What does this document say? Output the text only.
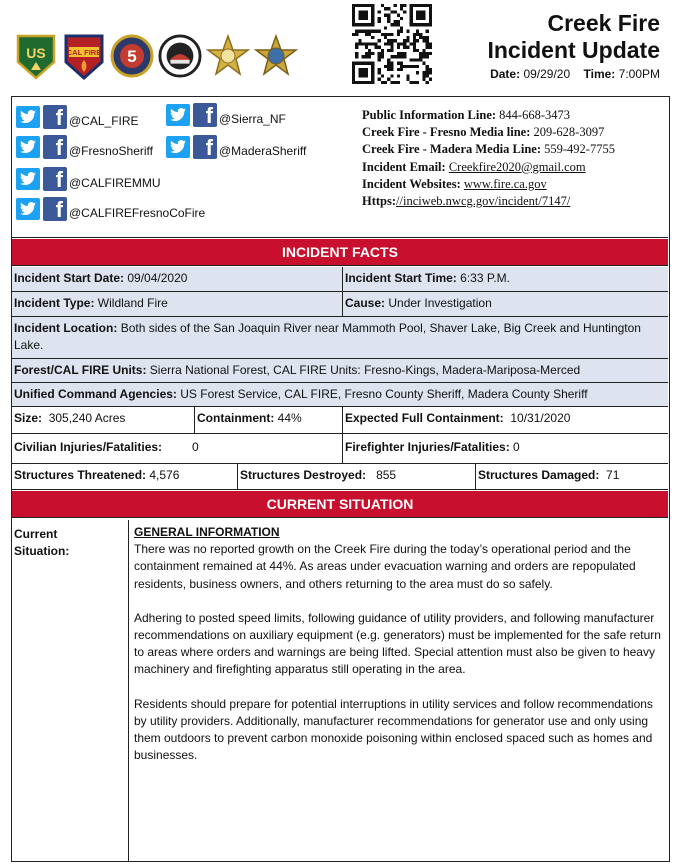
US	CAL FIRE 5
Creek Fire
Incident Update
Date: 09/29/20 Time: 7:00PM
f @CAL_FIRE	f @Sierra_NF
f @FresnoSheriff	f @MaderaSheriff
f @CALFIREMMU
f @CALFIREFresnoCoFire
Public Information Line: 844-668-3473
Creek Fire - Fresno Media line: 209-628-3097
Creek Fire - Madera Media Line: 559-492-7755
Incident Email: Creekfire2020@gmail.com
Incident Websites: www.fire.ca.gov
Https://inciweb.nwcg.gov/incident/7147/
INCIDENT FACTS
Incident Start Date: 09/04/2020	Incident Start Time: 6:33 P.M.
Incident Type: Wildland Fire	Cause: Under Investigation
Incident Location: Both sides of the San Joaquin River near Mammoth Pool, Shaver Lake, Big Creek and Huntington Lake.
Forest/CAL FIRE Units: Sierra National Forest, CAL FIRE Units: Fresno-Kings, Madera-Mariposa-Merced
Unified Command Agencies: US Forest Service, CAL FIRE, Fresno County Sheriff, Madera County Sheriff
Size: 305,240 Acres	Containment: 44%	Expected Full Containment: 10/31/2020
Civilian Injuries/Fatalities:	0	Firefighter Injuries/Fatalities: 0
Structures Threatened: 4,576	Structures Destroyed: 855	Structures Damaged: 71
CURRENT SITUATION
Current
Situation:
GENERAL INFORMATION

There was no reported growth on the Creek Fire during the today’s operational period and the containment remained at 44%. As areas under evacuation warning and orders are repopulated residents, business owners, and others returning to the area must do so safely.

Adhering to posted speed limits, following guidance of utility providers, and following manufacturer recommendations on auxiliary equipment (e.g. generators) must be implemented for the safe return to areas where orders and warnings are being lifted. Special attention must also be given to heavy machinery and firefighting apparatus still operating in the area.

Residents should prepare for potential interruptions in utility services and follow recommendations by utility providers. Additionally, manufacturer recommendations for generator use and only using them outdoors to prevent carbon monoxide poisoning within enclosed spaced such as homes and businesses.
